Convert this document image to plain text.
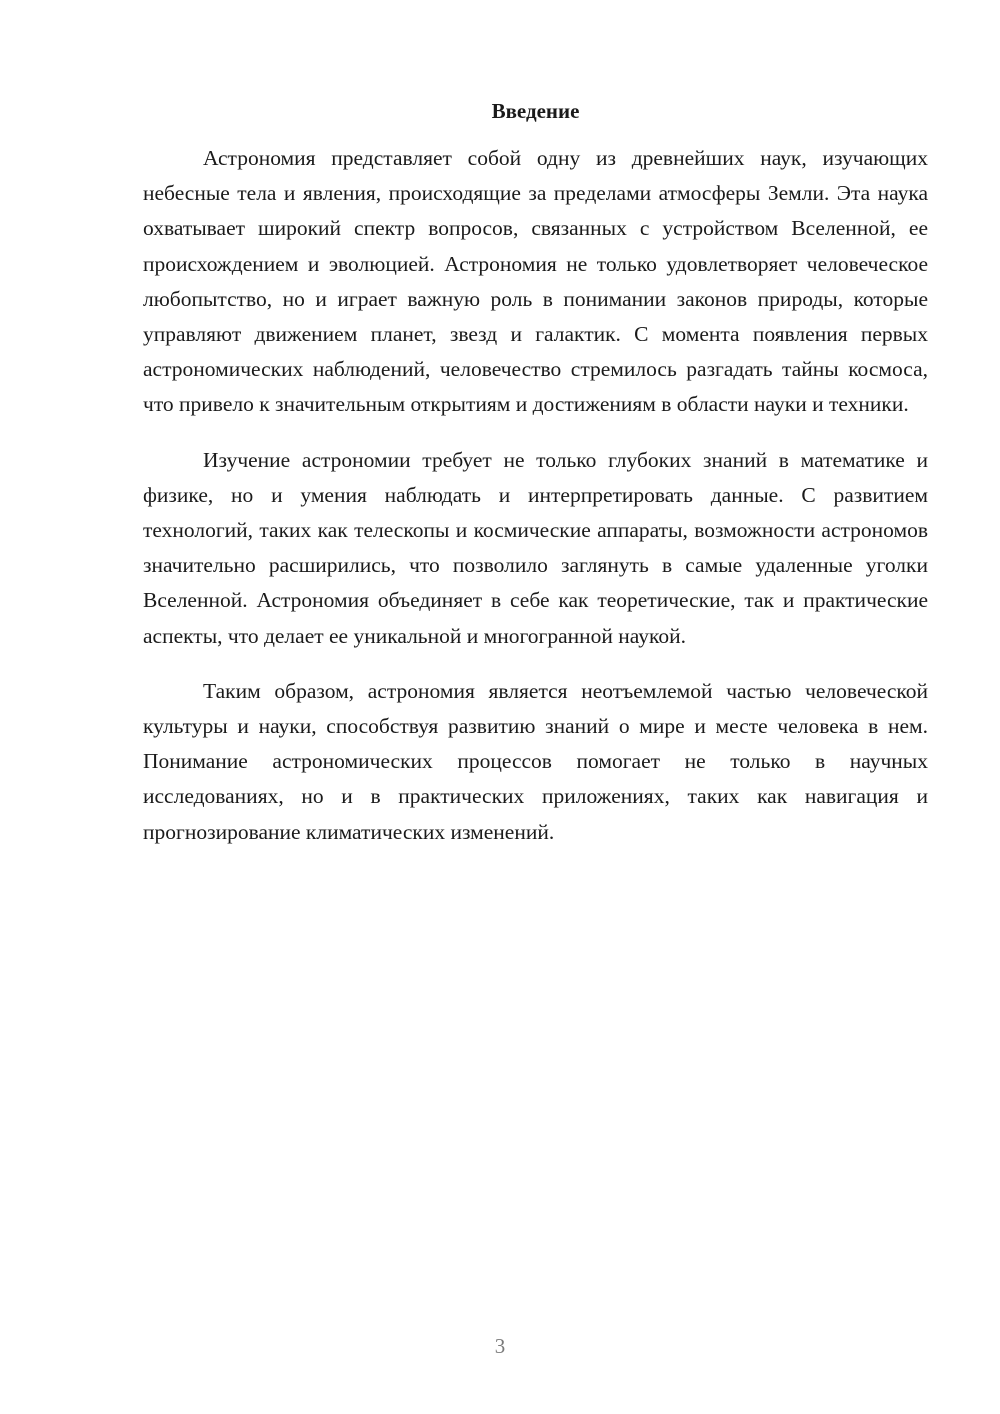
Введение

Астрономия представляет собой одну из древнейших наук, изучающих небесные тела и явления, происходящие за пределами атмосферы Земли. Эта наука охватывает широкий спектр вопросов, связанных с устройством Вселенной, ее происхождением и эволюцией. Астрономия не только удовлетворяет человеческое любопытство, но и играет важную роль в понимании законов природы, которые управляют движением планет, звезд и галактик. С момента появления первых астрономических наблюдений, человечество стремилось разгадать тайны космоса, что привело к значительным открытиям и достижениям в области науки и техники.

Изучение астрономии требует не только глубоких знаний в математике и физике, но и умения наблюдать и интерпретировать данные. С развитием технологий, таких как телескопы и космические аппараты, возможности астрономов значительно расширились, что позволило заглянуть в самые удаленные уголки Вселенной. Астрономия объединяет в себе как теоретические, так и практические аспекты, что делает ее уникальной и многогранной наукой.

Таким образом, астрономия является неотъемлемой частью человеческой культуры и науки, способствуя развитию знаний о мире и месте человека в нем. Понимание астрономических процессов помогает не только в научных исследованиях, но и в практических приложениях, таких как навигация и прогнозирование климатических изменений.

3
